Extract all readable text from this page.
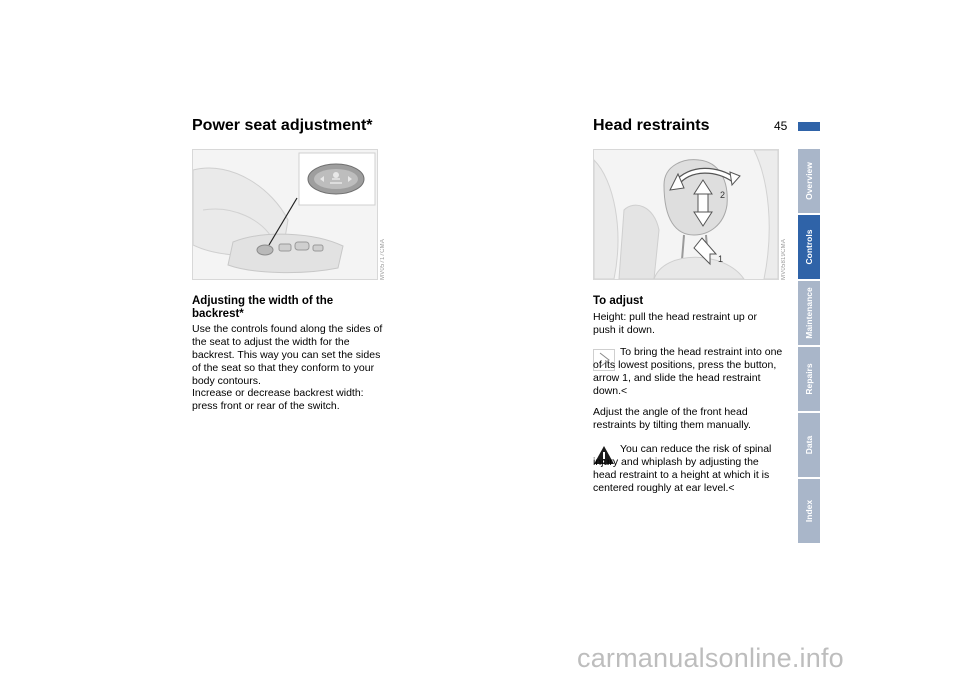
45
Power seat adjustment*
MV05717CMA
Adjusting the width of the backrest*
Use the controls found along the sides of the seat to adjust the width for the backrest. This way you can set the sides of the seat so that they conform to your body contours.
Increase or decrease backrest width: press front or rear of the switch.
Head restraints
2
1	MV05819CMA
To adjust
Height: pull the head restraint up or push it down.
To bring the head restraint into one of its lowest positions, press the button, arrow 1, and slide the head restraint down.<
Adjust the angle of the front head restraints by tilting them manually.
You can reduce the risk of spinal injury and whiplash by adjusting the head restraint to a height at which it is centered roughly at ear level.<
Overview
Controls
Maintenance
Repairs
Data
Index
carmanualsonline.info
